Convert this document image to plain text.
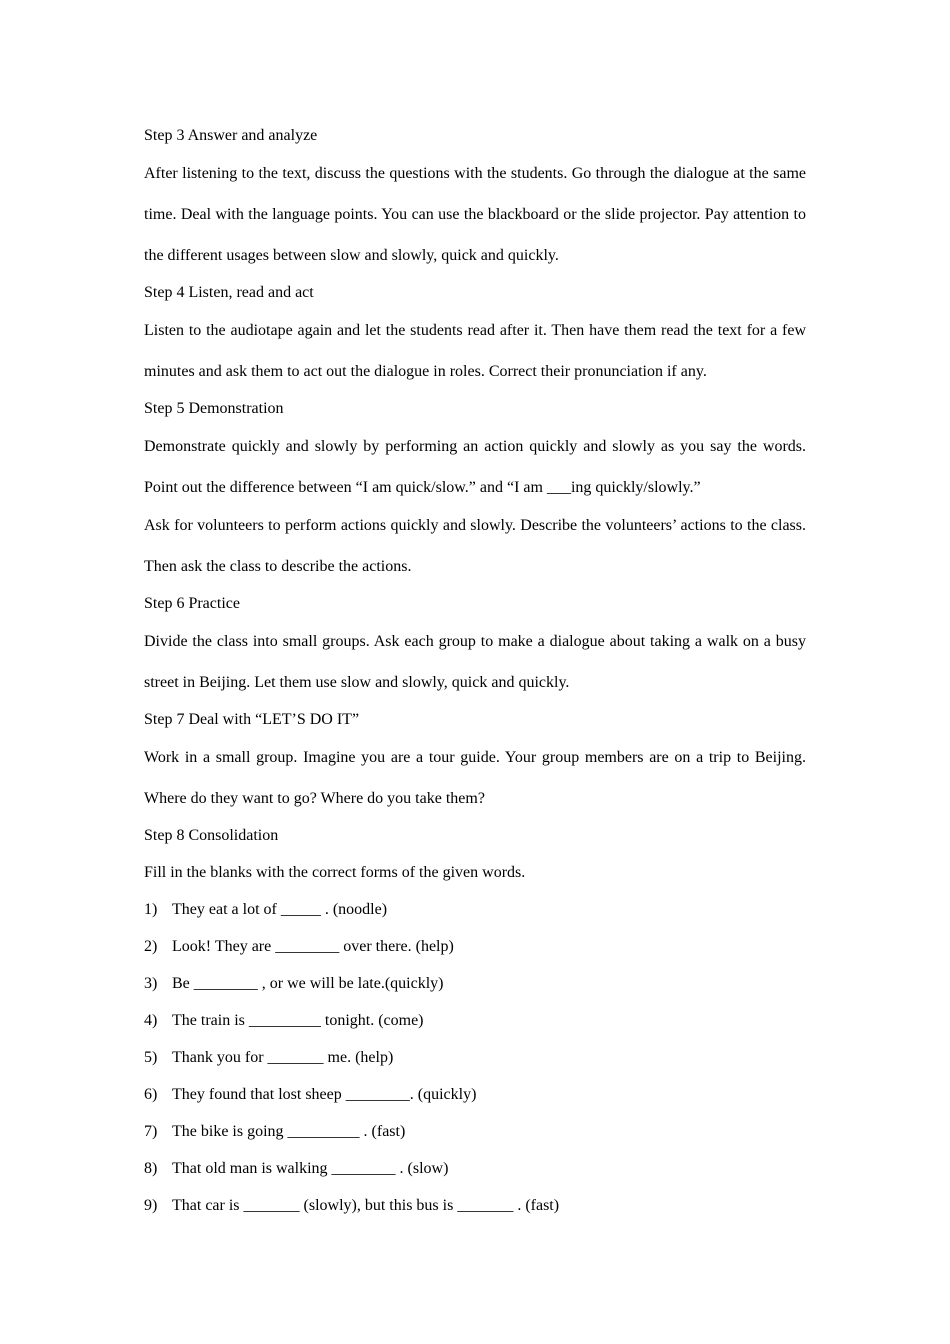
Step 3 Answer and analyze
After listening to the text, discuss the questions with the students. Go through the dialogue at the same time. Deal with the language points. You can use the blackboard or the slide projector. Pay attention to the different usages between slow and slowly, quick and quickly.
Step 4 Listen, read and act
Listen to the audiotape again and let the students read after it. Then have them read the text for a few minutes and ask them to act out the dialogue in roles. Correct their pronunciation if any.
Step 5 Demonstration
Demonstrate quickly and slowly by performing an action quickly and slowly as you say the words. Point out the difference between “I am quick/slow.” and “I am ___ing quickly/slowly.”
Ask for volunteers to perform actions quickly and slowly. Describe the volunteers’ actions to the class. Then ask the class to describe the actions.
Step 6 Practice
Divide the class into small groups. Ask each group to make a dialogue about taking a walk on a busy street in Beijing. Let them use slow and slowly, quick and quickly.
Step 7 Deal with “LET’S DO IT”
Work in a small group. Imagine you are a tour guide. Your group members are on a trip to Beijing. Where do they want to go? Where do you take them?
Step 8 Consolidation
Fill in the blanks with the correct forms of the given words.
1) They eat a lot of _____ . (noodle)
2) Look! They are ________ over there. (help)
3) Be ________ , or we will be late.(quickly)
4) The train is _________ tonight. (come)
5) Thank you for _______ me. (help)
6) They found that lost sheep ________. (quickly)
7) The bike is going _________ . (fast)
8) That old man is walking ________ . (slow)
9) That car is _______ (slowly), but this bus is _______ . (fast)
